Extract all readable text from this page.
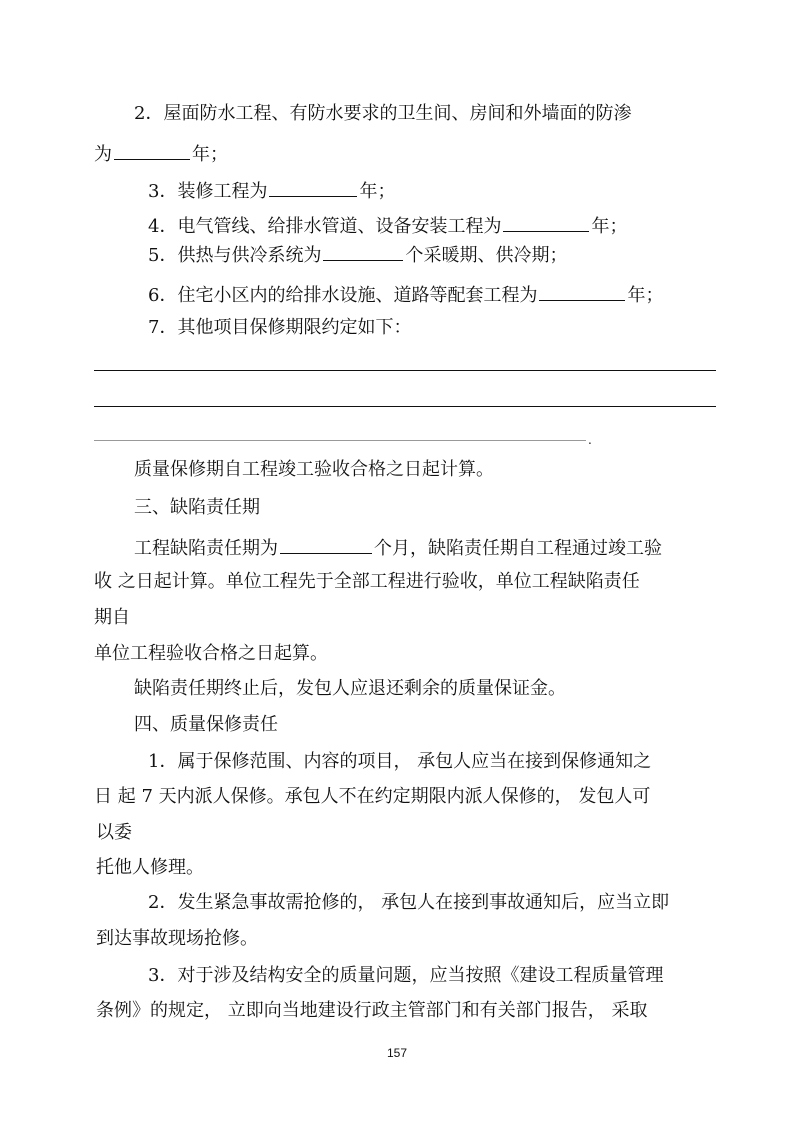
2．屋面防水工程、有防水要求的卫生间、房间和外墙面的防渗
为	年；
3．装修工程为	年；
4．电气管线、给排水管道、设备安装工程为	年；
5．供热与供冷系统为	个采暖期、供冷期；
6．住宅小区内的给排水设施、道路等配套工程为	年；
7．其他项目保修期限约定如下：
.
质量保修期自工程竣工验收合格之日起计算。
三、缺陷责任期
工程缺陷责任期为	个月，缺陷责任期自工程通过竣工验
收 之日起计算。单位工程先于全部工程进行验收，单位工程缺陷责任
期自
单位工程验收合格之日起算。
缺陷责任期终止后，发包人应退还剩余的质量保证金。
四、质量保修责任
1．属于保修范围、内容的项目， 承包人应当在接到保修通知之
日 起 7 天内派人保修。承包人不在约定期限内派人保修的， 发包人可
以委
托他人修理。
2．发生紧急事故需抢修的， 承包人在接到事故通知后，应当立即
到达事故现场抢修。
3．对于涉及结构安全的质量问题，应当按照《建设工程质量管理
条例》的规定， 立即向当地建设行政主管部门和有关部门报告， 采取
157
